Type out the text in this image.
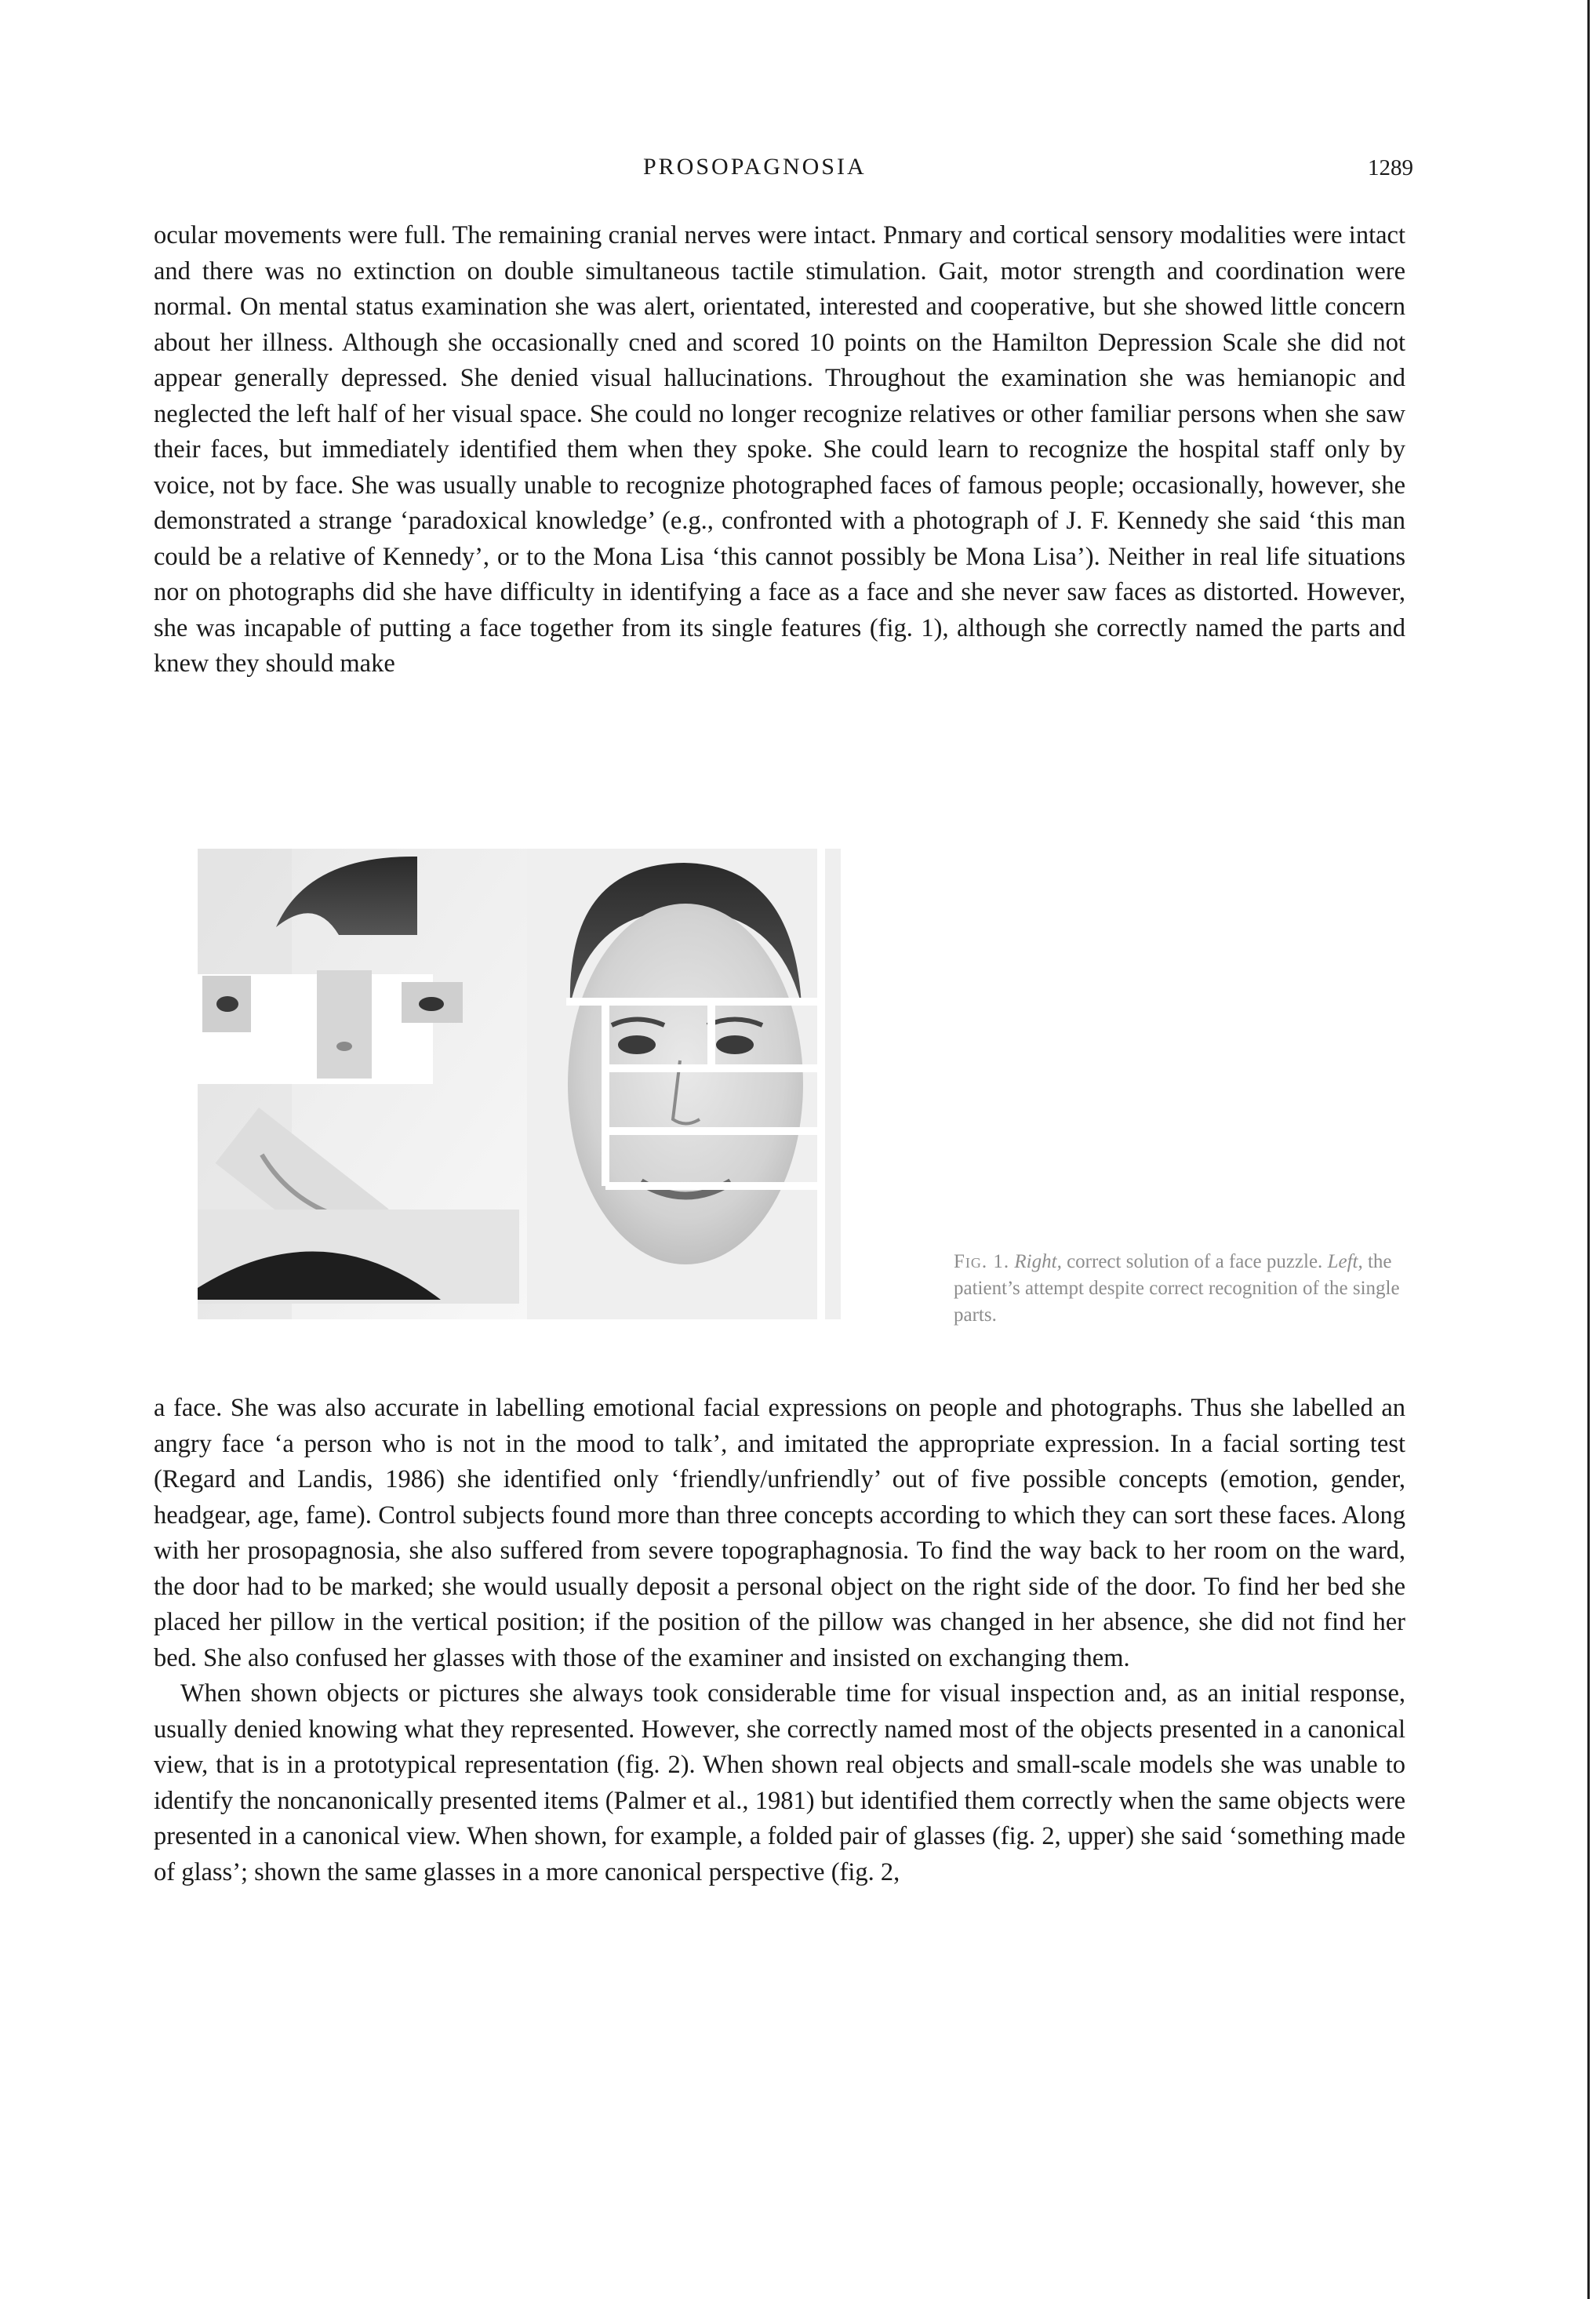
PROSOPAGNOSIA	1289

ocular movements were full. The remaining cranial nerves were intact. Pnmary and cortical sensory modalities were intact and there was no extinction on double simultaneous tactile stimulation. Gait, motor strength and coordination were normal. On mental status examination she was alert, orientated, interested and cooperative, but she showed little concern about her illness. Although she occasionally cned and scored 10 points on the Hamilton Depression Scale she did not appear generally depressed. She denied visual hallucinations. Throughout the examination she was hemianopic and neglected the left half of her visual space. She could no longer recognize relatives or other familiar persons when she saw their faces, but immediately identified them when they spoke. She could learn to recognize the hospital staff only by voice, not by face. She was usually unable to recognize photographed faces of famous people; occasionally, however, she demonstrated a strange ‘paradoxical knowledge’ (e.g., confronted with a photograph of J. F. Kennedy she said ‘this man could be a relative of Kennedy’, or to the Mona Lisa ‘this cannot possibly be Mona Lisa’). Neither in real life situations nor on photographs did she have difficulty in identifying a face as a face and she never saw faces as distorted. However, she was incapable of putting a face together from its single features (fig. 1), although she correctly named the parts and knew they should make

Fig. 1. Right, correct solution of a face puzzle. Left, the patient’s attempt despite correct recognition of the single parts.

a face. She was also accurate in labelling emotional facial expressions on people and photographs. Thus she labelled an angry face ‘a person who is not in the mood to talk’, and imitated the appropriate expression. In a facial sorting test (Regard and Landis, 1986) she identified only ‘friendly/unfriendly’ out of five possible concepts (emotion, gender, headgear, age, fame). Control subjects found more than three concepts according to which they can sort these faces. Along with her prosopagnosia, she also suffered from severe topographagnosia. To find the way back to her room on the ward, the door had to be marked; she would usually deposit a personal object on the right side of the door. To find her bed she placed her pillow in the vertical position; if the position of the pillow was changed in her absence, she did not find her bed. She also confused her glasses with those of the examiner and insisted on exchanging them.

When shown objects or pictures she always took considerable time for visual inspection and, as an initial response, usually denied knowing what they represented. However, she correctly named most of the objects presented in a canonical view, that is in a prototypical representation (fig. 2). When shown real objects and small-scale models she was unable to identify the noncanonically presented items (Palmer et al., 1981) but identified them correctly when the same objects were presented in a canonical view. When shown, for example, a folded pair of glasses (fig. 2, upper) she said ‘something made of glass’; shown the same glasses in a more canonical perspective (fig. 2,
